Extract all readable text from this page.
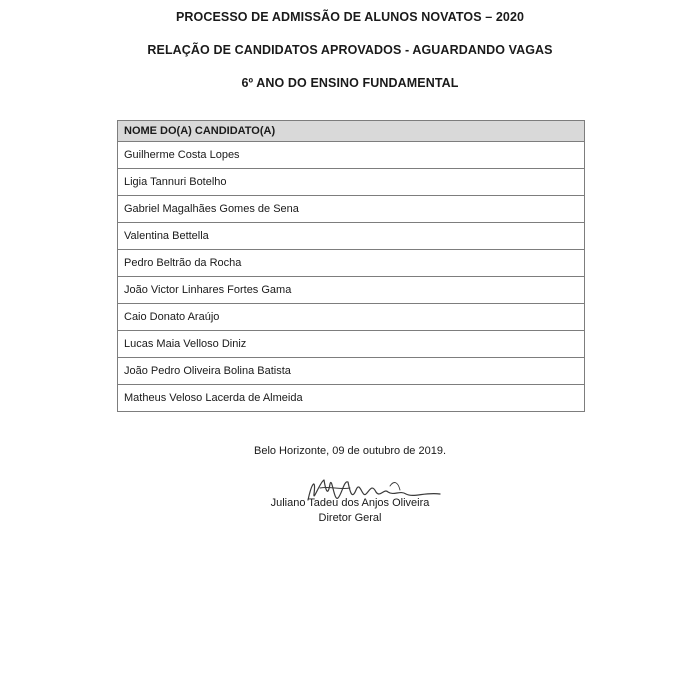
PROCESSO DE ADMISSÃO DE ALUNOS NOVATOS – 2020
RELAÇÃO DE CANDIDATOS APROVADOS - AGUARDANDO VAGAS
6º ANO DO ENSINO FUNDAMENTAL
NOME DO(A) CANDIDATO(A)
Guilherme Costa Lopes
Ligia Tannuri Botelho
Gabriel Magalhães Gomes de Sena
Valentina Bettella
Pedro Beltrão da Rocha
João Victor Linhares Fortes Gama
Caio Donato Araújo
Lucas Maia Velloso Diniz
João Pedro Oliveira Bolina Batista
Matheus Veloso Lacerda de Almeida
Belo Horizonte, 09 de outubro de 2019.
Juliano Tadeu dos Anjos Oliveira
Diretor Geral
